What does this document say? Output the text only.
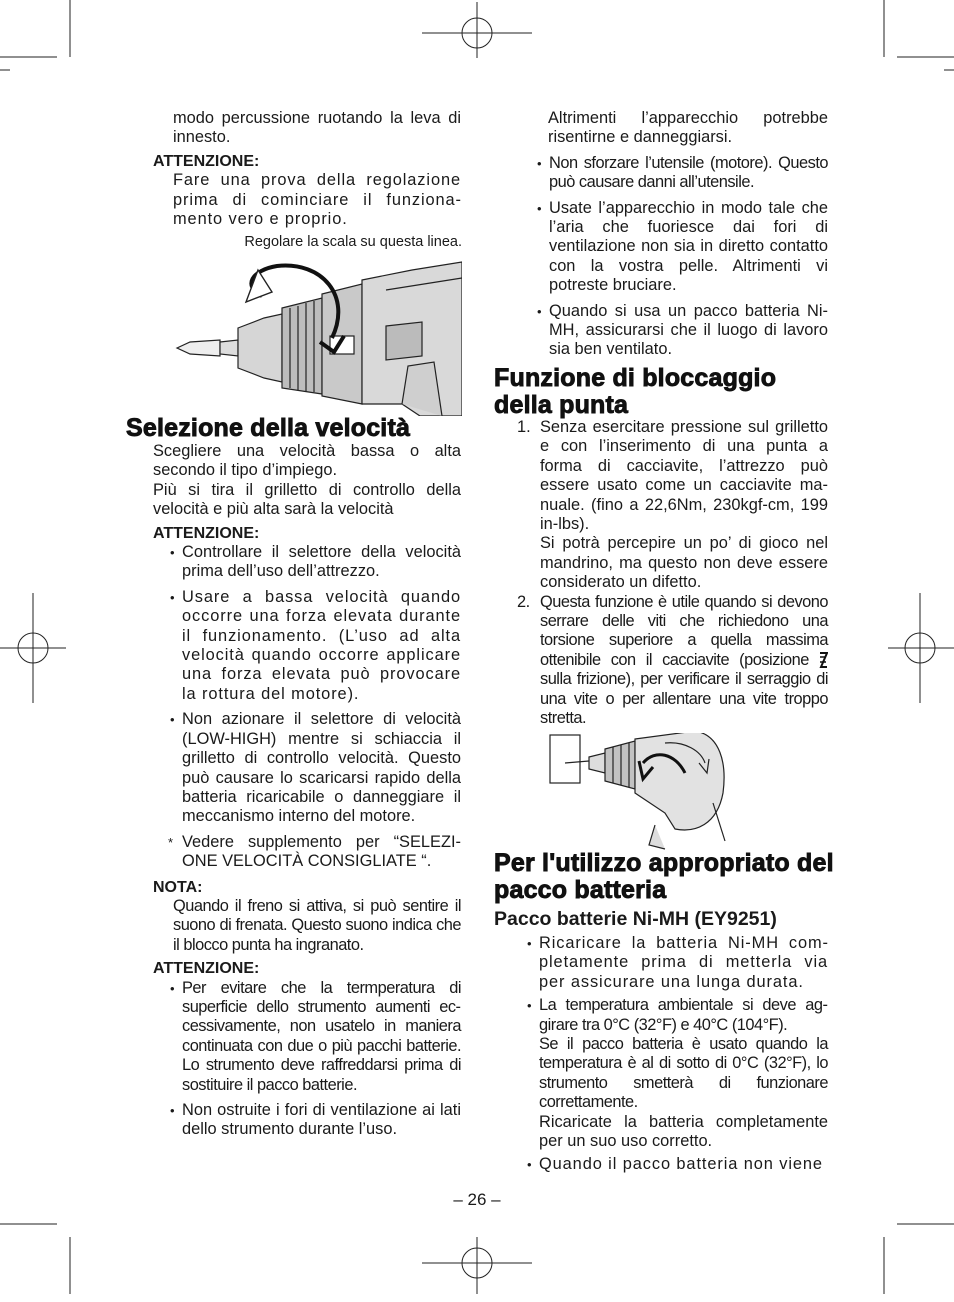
modo percussione ruotando la leva di innesto.

ATTENZIONE:

Fare una prova della regolazione prima di cominciare il funzionamento vero e proprio.

Regolare la scala su questa linea.

Selezione della velocità

Scegliere una velocità bassa o alta secondo il tipo d’impiego.

Più si tira il grilletto di controllo della velocità e più alta sarà la velocità

ATTENZIONE:

• Controllare il selettore della velocità prima dell’uso dell’attrezzo.

• Usare a bassa velocità quando occorre una forza elevata durante il funzionamento. (L’uso ad alta velocità quando occorre applicare una forza elevata può provocare la rottura del motore).

• Non azionare il selettore di velocità (LOW-HIGH) mentre si schiaccia il grilletto di controllo velocità. Questo può causare lo scaricarsi rapido della batteria ricaricabile o danneggiare il meccanismo interno del motore.

* Vedere supplemento per “SELEZIONE VELOCITÀ CONSIGLIATE “.

NOTA:

Quando il freno si attiva, si può sentire il suono di frenata. Questo suono indica che il blocco punta ha ingranato.

ATTENZIONE:

• Per evitare che la termperatura di superficie dello strumento aumenti eccessivamente, non usatelo in maniera continuata con due o più pacchi batterie. Lo strumento deve raffreddarsi prima di sostituire il pacco batterie.

• Non ostruite i fori di ventilazione ai lati dello strumento durante l’uso.

Altrimenti l’apparecchio potrebbe risentirne e danneggiarsi.

• Non sforzare l’utensile (motore). Questo può causare danni all’utensile.

• Usate l’apparecchio in modo tale che l’aria che fuoriesce dai fori di ventilazione non sia in diretto contatto con la vostra pelle. Altrimenti vi potreste bruciare.

• Quando si usa un pacco batteria Ni-MH, assicurarsi che il luogo di lavoro sia ben ventilato.

Funzione di bloccaggio della punta

1. Senza esercitare pressione sul grilletto e con l’inserimento di una punta a forma di cacciavite, l’attrezzo può essere usato come un cacciavite manuale. (fino a 22,6Nm, 230kgf-cm, 199 in-lbs).

Si potrà percepire un po’ di gioco nel mandrino, ma questo non deve essere considerato un difetto.

2. Questa funzione è utile quando si devono serrare delle viti che richiedono una torsione superiore a quella massima ottenibile con il cacciavite (posizione  sulla frizione), per verificare il serraggio di una vite o per allentare una vite troppo stretta.

Per l'utilizzo appropriato del pacco batteria

Pacco batterie Ni-MH (EY9251)

• Ricaricare la batteria Ni-MH completamente prima di metterla via per assicurare una lunga durata.

• La temperatura ambientale si deve aggirare tra 0°C (32°F) e 40°C (104°F).

Se il pacco batteria è usato quando la temperatura è al di sotto di 0°C (32°F), lo strumento smetterà di funzionare correttamente.

Ricaricate la batteria completamente per un suo uso corretto.

• Quando il pacco batteria non viene

– 26 –
